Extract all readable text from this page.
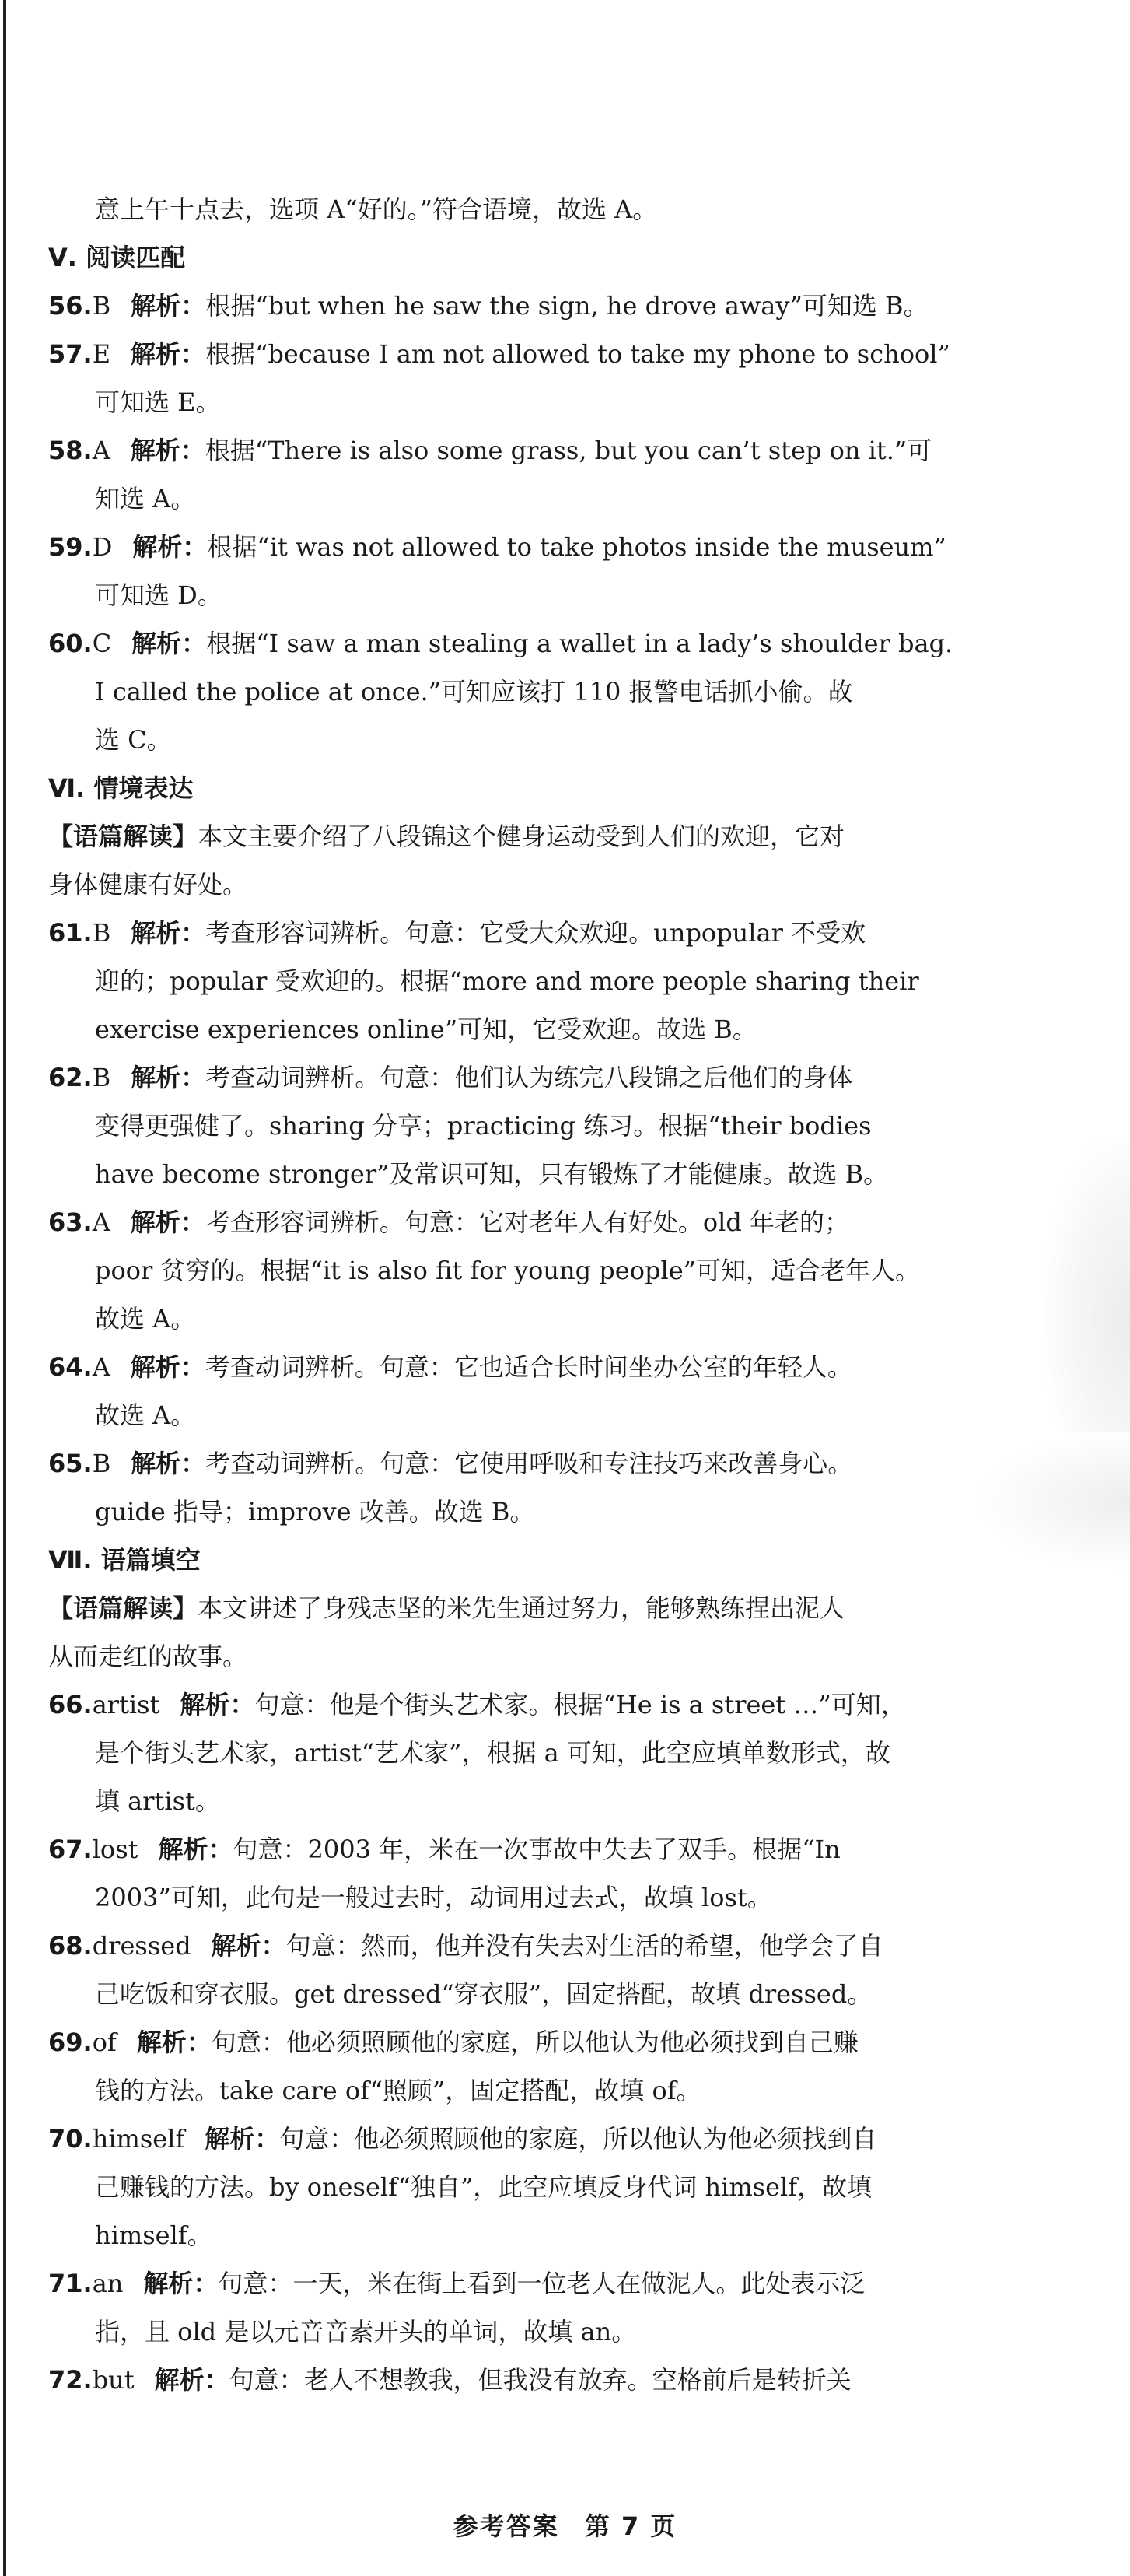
意上午十点去，选项 A“好的。”符合语境，故选 A。
Ⅴ. 阅读匹配
56.B 解析：根据“but when he saw the sign, he drove away”可知选 B。
57.E 解析：根据“because I am not allowed to take my phone to school”
可知选 E。
58.A 解析：根据“There is also some grass, but you can’t step on it.”可
知选 A。
59.D 解析：根据“it was not allowed to take photos inside the museum”
可知选 D。
60.C 解析：根据“I saw a man stealing a wallet in a lady’s shoulder bag.
I called the police at once.”可知应该打 110 报警电话抓小偷。故
选 C。
Ⅵ. 情境表达
【语篇解读】本文主要介绍了八段锦这个健身运动受到人们的欢迎，它对
身体健康有好处。
61.B 解析：考查形容词辨析。句意：它受大众欢迎。unpopular 不受欢
迎的；popular 受欢迎的。根据“more and more people sharing their
exercise experiences online”可知，它受欢迎。故选 B。
62.B 解析：考查动词辨析。句意：他们认为练完八段锦之后他们的身体
变得更强健了。sharing 分享；practicing 练习。根据“their bodies
have become stronger”及常识可知，只有锻炼了才能健康。故选 B。
63.A 解析：考查形容词辨析。句意：它对老年人有好处。old 年老的；
poor 贫穷的。根据“it is also fit for young people”可知，适合老年人。
故选 A。
64.A 解析：考查动词辨析。句意：它也适合长时间坐办公室的年轻人。
故选 A。
65.B 解析：考查动词辨析。句意：它使用呼吸和专注技巧来改善身心。
guide 指导；improve 改善。故选 B。
Ⅶ. 语篇填空
【语篇解读】本文讲述了身残志坚的米先生通过努力，能够熟练捏出泥人
从而走红的故事。
66.artist 解析：句意：他是个街头艺术家。根据“He is a street …”可知，
是个街头艺术家，artist“艺术家”，根据 a 可知，此空应填单数形式，故
填 artist。
67.lost 解析：句意：2003 年，米在一次事故中失去了双手。根据“In
2003”可知，此句是一般过去时，动词用过去式，故填 lost。
68.dressed 解析：句意：然而，他并没有失去对生活的希望，他学会了自
己吃饭和穿衣服。get dressed“穿衣服”，固定搭配，故填 dressed。
69.of 解析：句意：他必须照顾他的家庭，所以他认为他必须找到自己赚
钱的方法。take care of“照顾”，固定搭配，故填 of。
70.himself 解析：句意：他必须照顾他的家庭，所以他认为他必须找到自
己赚钱的方法。by oneself“独自”，此空应填反身代词 himself，故填
himself。
71.an 解析：句意：一天，米在街上看到一位老人在做泥人。此处表示泛
指，且 old 是以元音音素开头的单词，故填 an。
72.but 解析：句意：老人不想教我，但我没有放弃。空格前后是转折关
参考答案 第 7 页
